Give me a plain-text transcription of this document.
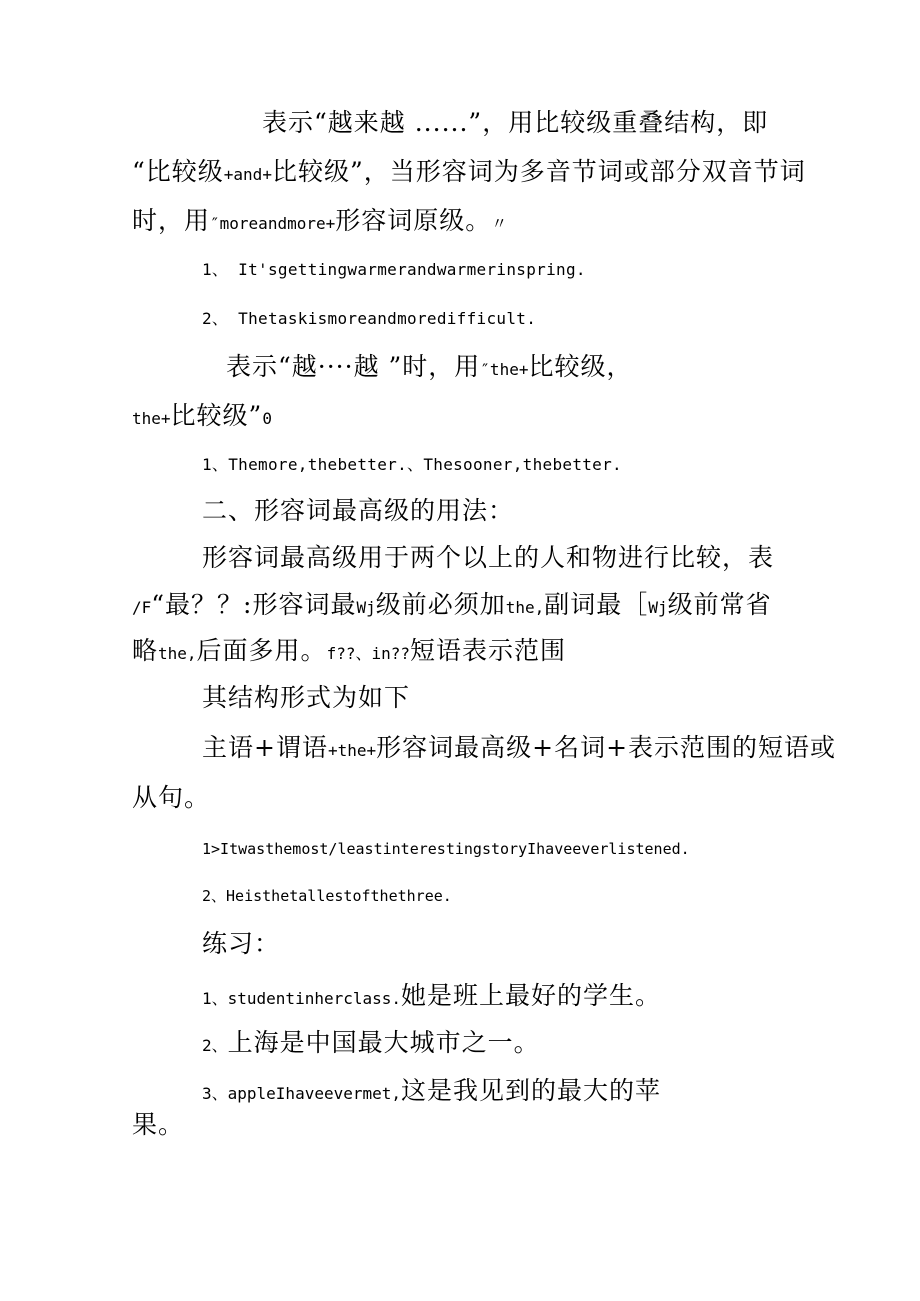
表示“越来越 ......”，用比较级重叠结构，即
“比较级+and+比较级”，当形容词为多音节词或部分双音节词
时，用″moreandmore+形容词原级。〃
1、 It'sgettingwarmerandwarmerinspring.
2、 Thetaskismoreandmoredifficult.
表示“越····越 ”时，用″the+比较级，
the+比较级”0
1、Themore,thebetter.、Thesooner,thebetter.
二、形容词最高级的用法：
形容词最高级用于两个以上的人和物进行比较，表
/F“最？？:形容词最Wj级前必须加the,副词最［Wj级前常省
略the,后面多用。f??、in??短语表示范围
其结构形式为如下
主语+谓语+the+形容词最高级+名词+表示范围的短语或
从句。
1>Itwasthemost/leastinterestingstoryIhaveeverlistened.
2、Heisthetallestofthethree.
练习：
1、studentinherclass.她是班上最好的学生。
2、上海是中国最大城市之一。
3、appleIhaveevermet,这是我见到的最大的苹
果。
